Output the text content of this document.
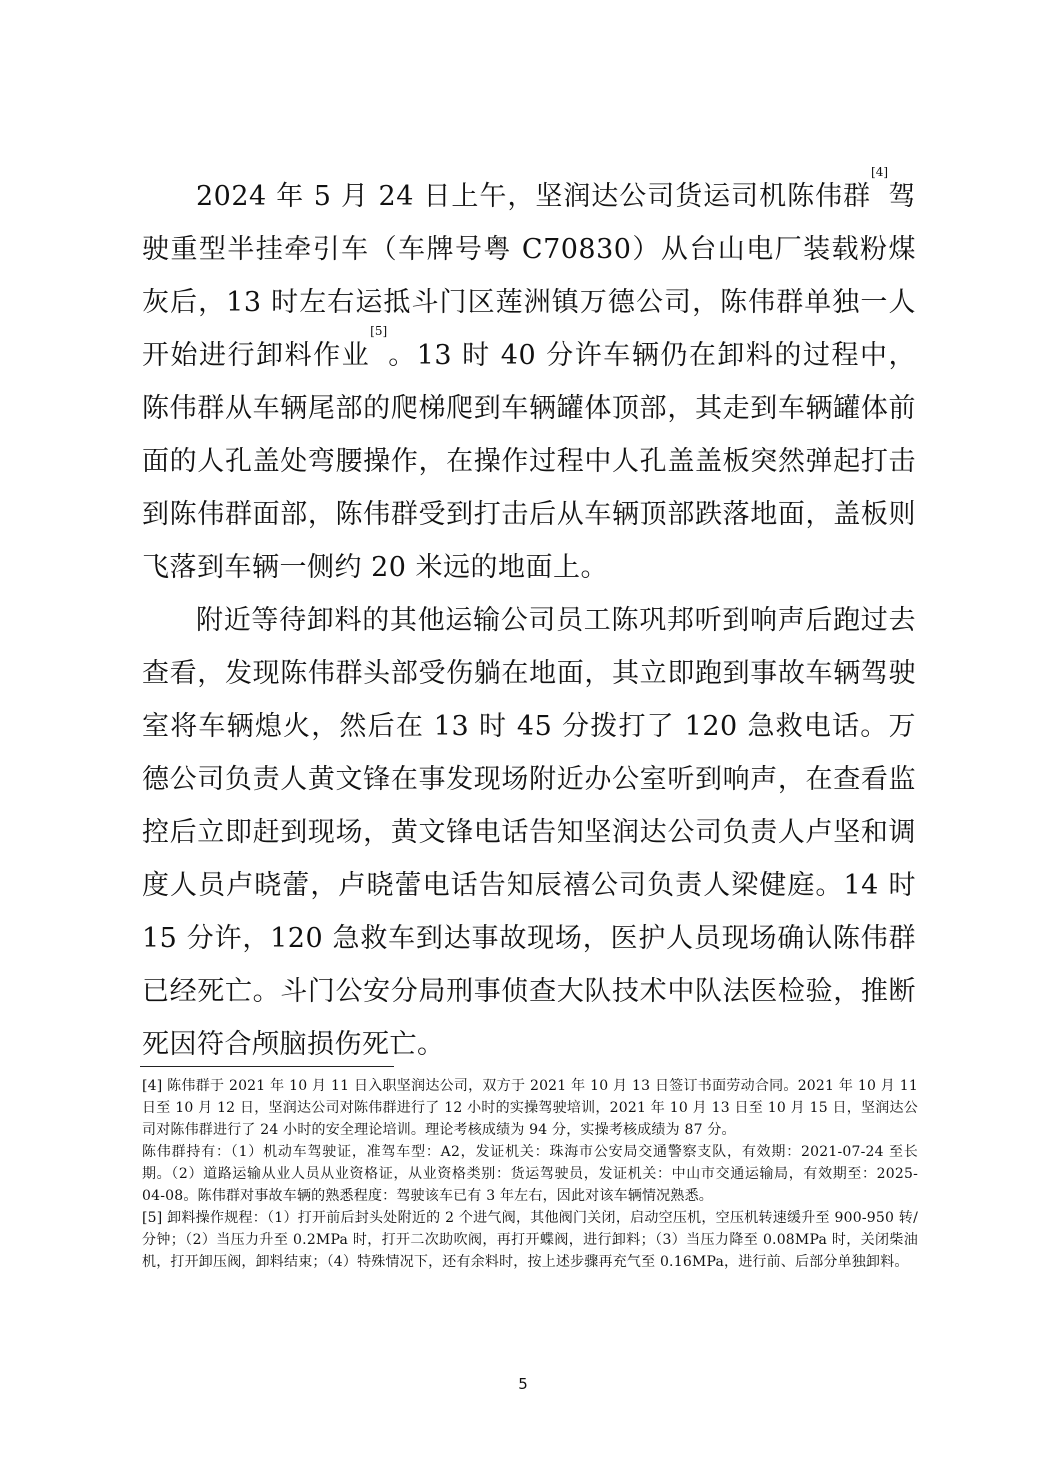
2024 年 5 月 24 日上午，坚润达公司货运司机陈伟群[4]驾驶重型半挂牵引车（车牌号粤 C70830）从台山电厂装载粉煤灰后，13 时左右运抵斗门区莲洲镇万德公司，陈伟群单独一人开始进行卸料作业[5]。13 时 40 分许车辆仍在卸料的过程中，陈伟群从车辆尾部的爬梯爬到车辆罐体顶部，其走到车辆罐体前面的人孔盖处弯腰操作，在操作过程中人孔盖盖板突然弹起打击到陈伟群面部，陈伟群受到打击后从车辆顶部跌落地面，盖板则飞落到车辆一侧约 20 米远的地面上。

附近等待卸料的其他运输公司员工陈巩邦听到响声后跑过去查看，发现陈伟群头部受伤躺在地面，其立即跑到事故车辆驾驶室将车辆熄火，然后在 13 时 45 分拨打了 120 急救电话。万德公司负责人黄文锋在事发现场附近办公室听到响声，在查看监控后立即赶到现场，黄文锋电话告知坚润达公司负责人卢坚和调度人员卢晓蕾，卢晓蕾电话告知辰禧公司负责人梁健庭。14 时 15 分许，120 急救车到达事故现场，医护人员现场确认陈伟群已经死亡。斗门公安分局刑事侦查大队技术中队法医检验，推断死因符合颅脑损伤死亡。

[4] 陈伟群于 2021 年 10 月 11 日入职坚润达公司，双方于 2021 年 10 月 13 日签订书面劳动合同。2021 年 10 月 11 日至 10 月 12 日，坚润达公司对陈伟群进行了 12 小时的实操驾驶培训，2021 年 10 月 13 日至 10 月 15 日，坚润达公司对陈伟群进行了 24 小时的安全理论培训。理论考核成绩为 94 分，实操考核成绩为 87 分。

陈伟群持有：（1）机动车驾驶证，准驾车型：A2，发证机关：珠海市公安局交通警察支队，有效期：2021-07-24 至长期。（2）道路运输从业人员从业资格证，从业资格类别：货运驾驶员，发证机关：中山市交通运输局，有效期至：2025-04-08。陈伟群对事故车辆的熟悉程度：驾驶该车已有 3 年左右，因此对该车辆情况熟悉。

[5] 卸料操作规程：（1）打开前后封头处附近的 2 个进气阀，其他阀门关闭，启动空压机，空压机转速缓升至 900-950 转/分钟；（2）当压力升至 0.2MPa 时，打开二次助吹阀，再打开蝶阀，进行卸料；（3）当压力降至 0.08MPa 时，关闭柴油机，打开卸压阀，卸料结束；（4）特殊情况下，还有余料时，按上述步骤再充气至 0.16MPa，进行前、后部分单独卸料。

5
